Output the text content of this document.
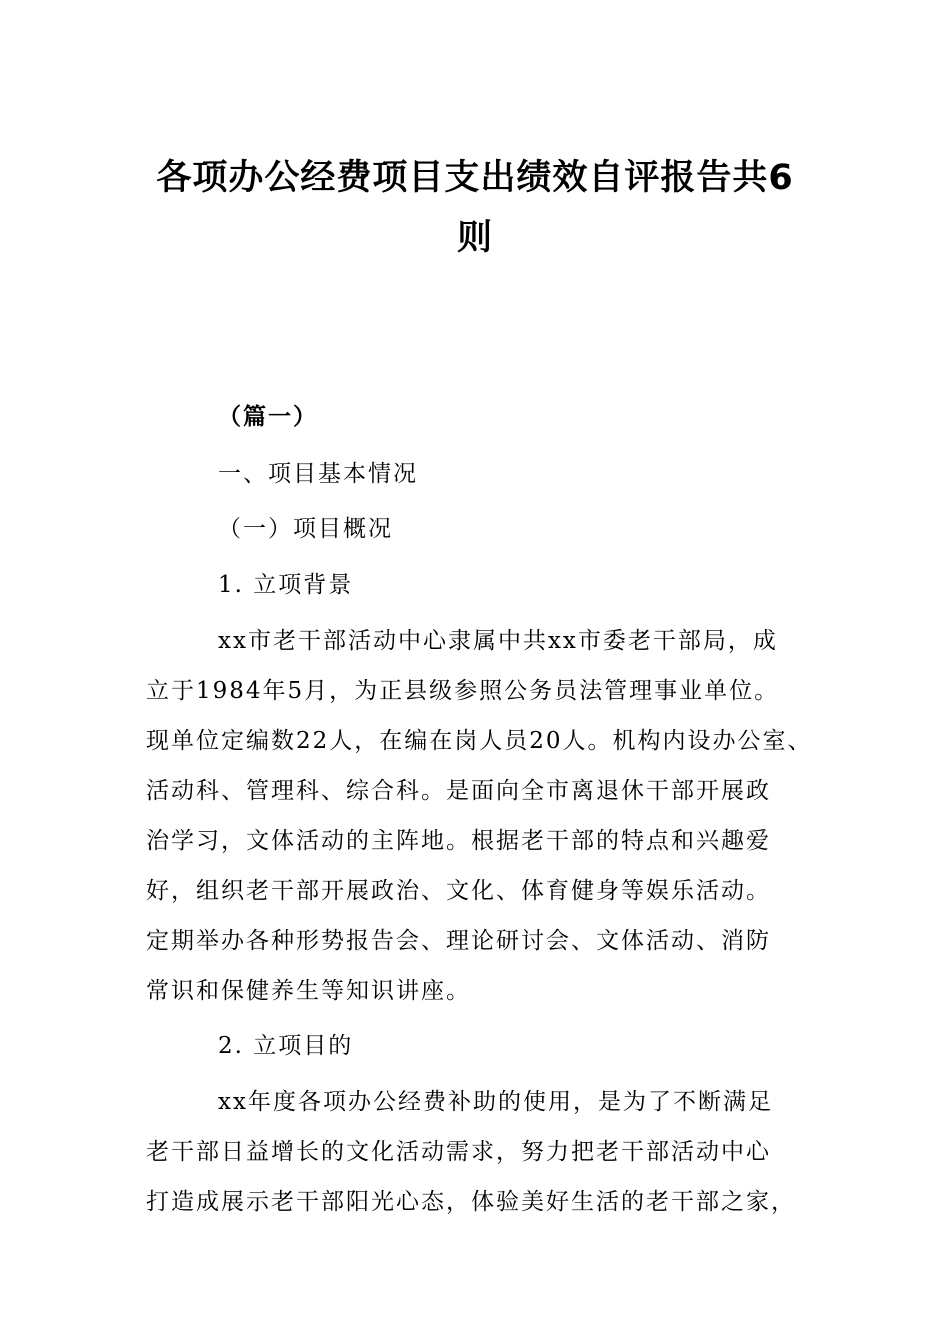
各项办公经费项目支出绩效自评报告共6
则

（篇一）

一、项目基本情况

（一）项目概况

1. 立项背景

xx市老干部活动中心隶属中共xx市委老干部局，成

立于1984年5月，为正县级参照公务员法管理事业单位。

现单位定编数22人，在编在岗人员20人。机构内设办公室、

活动科、管理科、综合科。是面向全市离退休干部开展政

治学习，文体活动的主阵地。根据老干部的特点和兴趣爱

好，组织老干部开展政治、文化、体育健身等娱乐活动。

定期举办各种形势报告会、理论研讨会、文体活动、消防

常识和保健养生等知识讲座。

2. 立项目的

xx年度各项办公经费补助的使用，是为了不断满足

老干部日益增长的文化活动需求，努力把老干部活动中心

打造成展示老干部阳光心态，体验美好生活的老干部之家，
